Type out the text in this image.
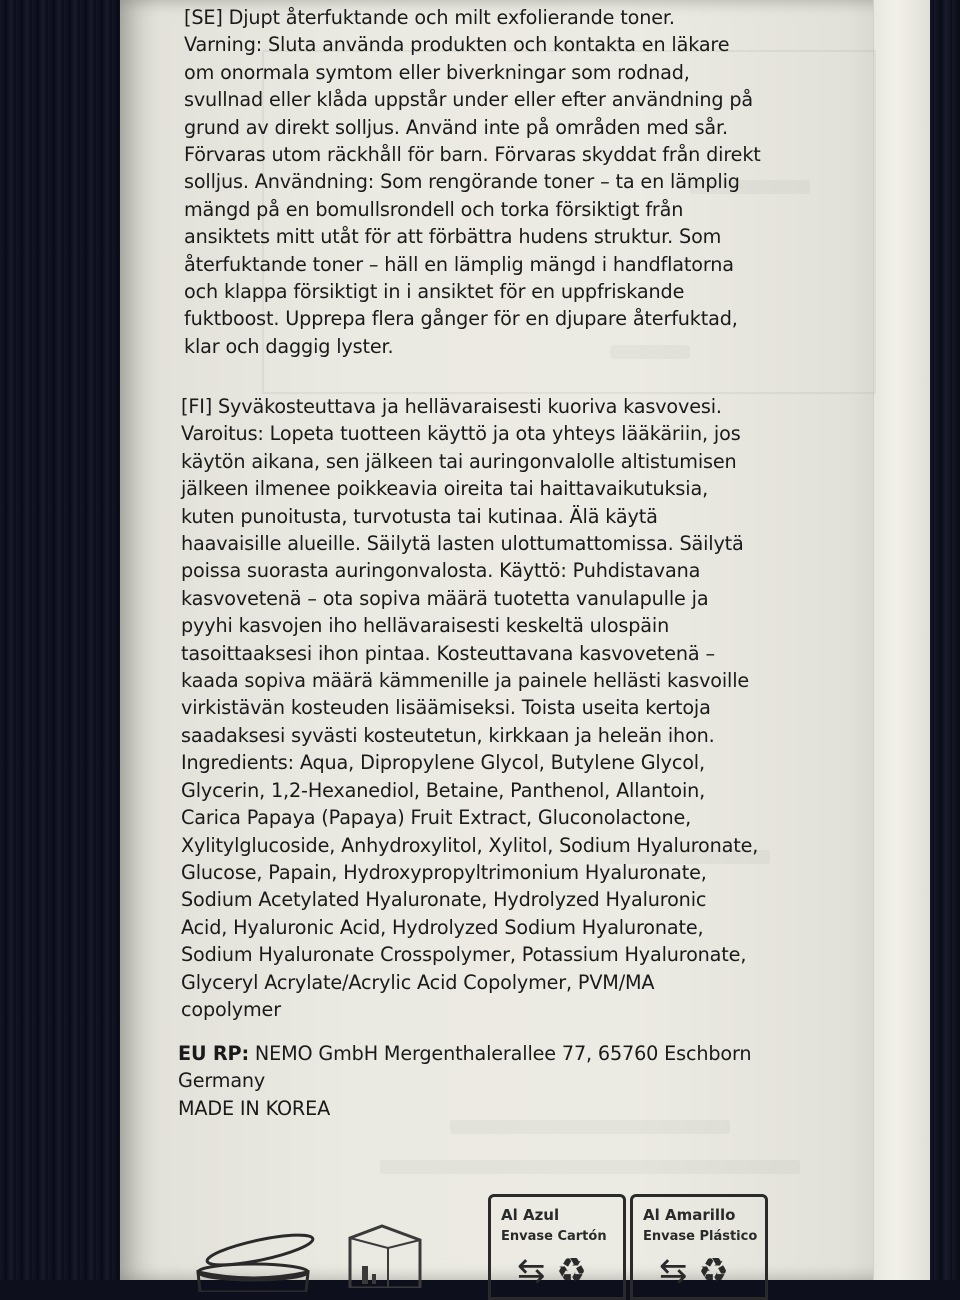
[SE] Djupt återfuktande och milt exfolierande toner.
Varning: Sluta använda produkten och kontakta en läkare
om onormala symtom eller biverkningar som rodnad,
svullnad eller klåda uppstår under eller efter användning på
grund av direkt solljus. Använd inte på områden med sår.
Förvaras utom räckhåll för barn. Förvaras skyddat från direkt
solljus. Användning: Som rengörande toner – ta en lämplig
mängd på en bomullsrondell och torka försiktigt från
ansiktets mitt utåt för att förbättra hudens struktur. Som
återfuktande toner – häll en lämplig mängd i handflatorna
och klappa försiktigt in i ansiktet för en uppfriskande
fuktboost. Upprepa flera gånger för en djupare återfuktad,
klar och daggig lyster.
[FI] Syväkosteuttava ja hellävaraisesti kuoriva kasvovesi.
Varoitus: Lopeta tuotteen käyttö ja ota yhteys lääkäriin, jos
käytön aikana, sen jälkeen tai auringonvalolle altistumisen
jälkeen ilmenee poikkeavia oireita tai haittavaikutuksia,
kuten punoitusta, turvotusta tai kutinaa. Älä käytä
haavaisille alueille. Säilytä lasten ulottumattomissa. Säilytä
poissa suorasta auringonvalosta. Käyttö: Puhdistavana
kasvovetenä – ota sopiva määrä tuotetta vanulapulle ja
pyyhi kasvojen iho hellävaraisesti keskeltä ulospäin
tasoittaaksesi ihon pintaa. Kosteuttavana kasvovetenä –
kaada sopiva määrä kämmenille ja painele hellästi kasvoille
virkistävän kosteuden lisäämiseksi. Toista useita kertoja
saadaksesi syvästi kosteutetun, kirkkaan ja heleän ihon.
Ingredients: Aqua, Dipropylene Glycol, Butylene Glycol,
Glycerin, 1,2-Hexanediol, Betaine, Panthenol, Allantoin,
Carica Papaya (Papaya) Fruit Extract, Gluconolactone,
Xylitylglucoside, Anhydroxylitol, Xylitol, Sodium Hyaluronate,
Glucose, Papain, Hydroxypropyltrimonium Hyaluronate,
Sodium Acetylated Hyaluronate, Hydrolyzed Hyaluronic
Acid, Hyaluronic Acid, Hydrolyzed Sodium Hyaluronate,
Sodium Hyaluronate Crosspolymer, Potassium Hyaluronate,
Glyceryl Acrylate/Acrylic Acid Copolymer, PVM/MA
copolymer
EU RP: NEMO GmbH Mergenthalerallee 77, 65760 Eschborn
Germany
MADE IN KOREA
Al Azul
Envase Cartón
⇆ ♻
Al Amarillo
Envase Plástico
⇆ ♻
